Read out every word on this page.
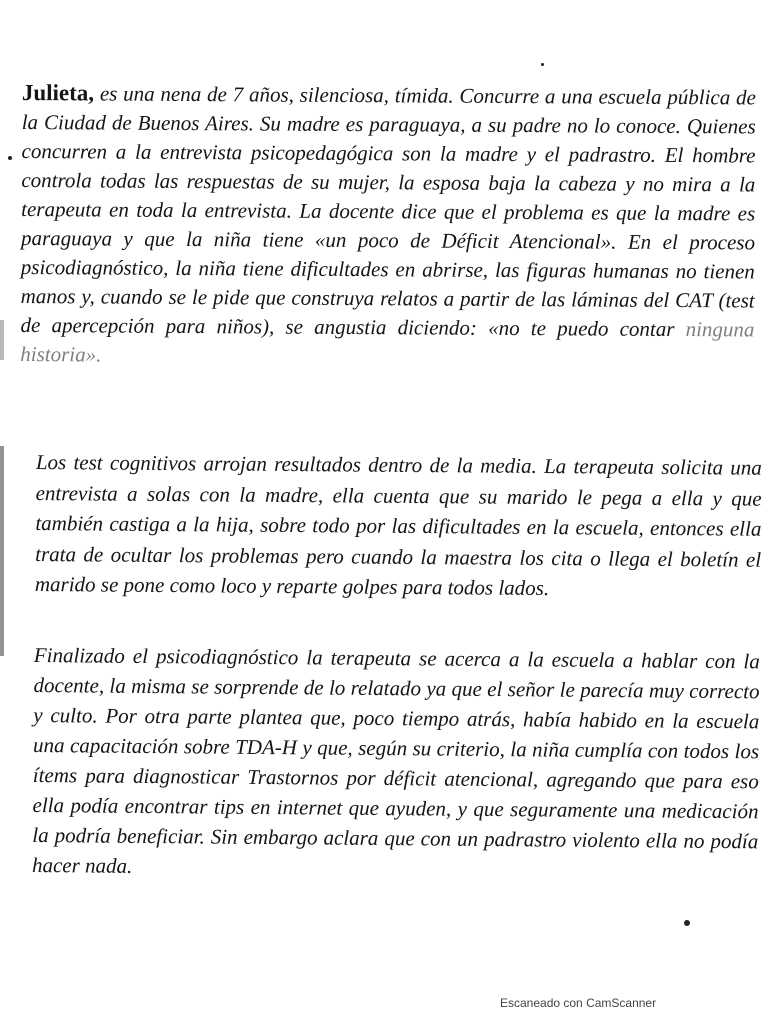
Julieta, es una nena de 7 años, silenciosa, tímida. Concurre a una escuela pública de la Ciudad de Buenos Aires. Su madre es paraguaya, a su padre no lo conoce. Quienes concurren a la entrevista psicopedagógica son la madre y el padrastro. El hombre controla todas las respuestas de su mujer, la esposa baja la cabeza y no mira a la terapeuta en toda la entrevista. La docente dice que el problema es que la madre es paraguaya y que la niña tiene «un poco de Déficit Atencional». En el proceso psicodiagnóstico, la niña tiene dificultades en abrirse, las figuras humanas no tienen manos y, cuando se le pide que construya relatos a partir de las láminas del CAT (test de apercepción para niños), se angustia diciendo: «no te puedo contar ninguna historia».

Los test cognitivos arrojan resultados dentro de la media. La terapeuta solicita una entrevista a solas con la madre, ella cuenta que su marido le pega a ella y que también castiga a la hija, sobre todo por las dificultades en la escuela, entonces ella trata de ocultar los problemas pero cuando la maestra los cita o llega el boletín el marido se pone como loco y reparte golpes para todos lados.

Finalizado el psicodiagnóstico la terapeuta se acerca a la escuela a hablar con la docente, la misma se sorprende de lo relatado ya que el señor le parecía muy correcto y culto. Por otra parte plantea que, poco tiempo atrás, había habido en la escuela una capacitación sobre TDA-H y que, según su criterio, la niña cumplía con todos los ítems para diagnosticar Trastornos por déficit atencional, agregando que para eso ella podía encontrar tips en internet que ayuden, y que seguramente una medicación la podría beneficiar. Sin embargo aclara que con un padrastro violento ella no podía hacer nada.

Escaneado con CamScanner
